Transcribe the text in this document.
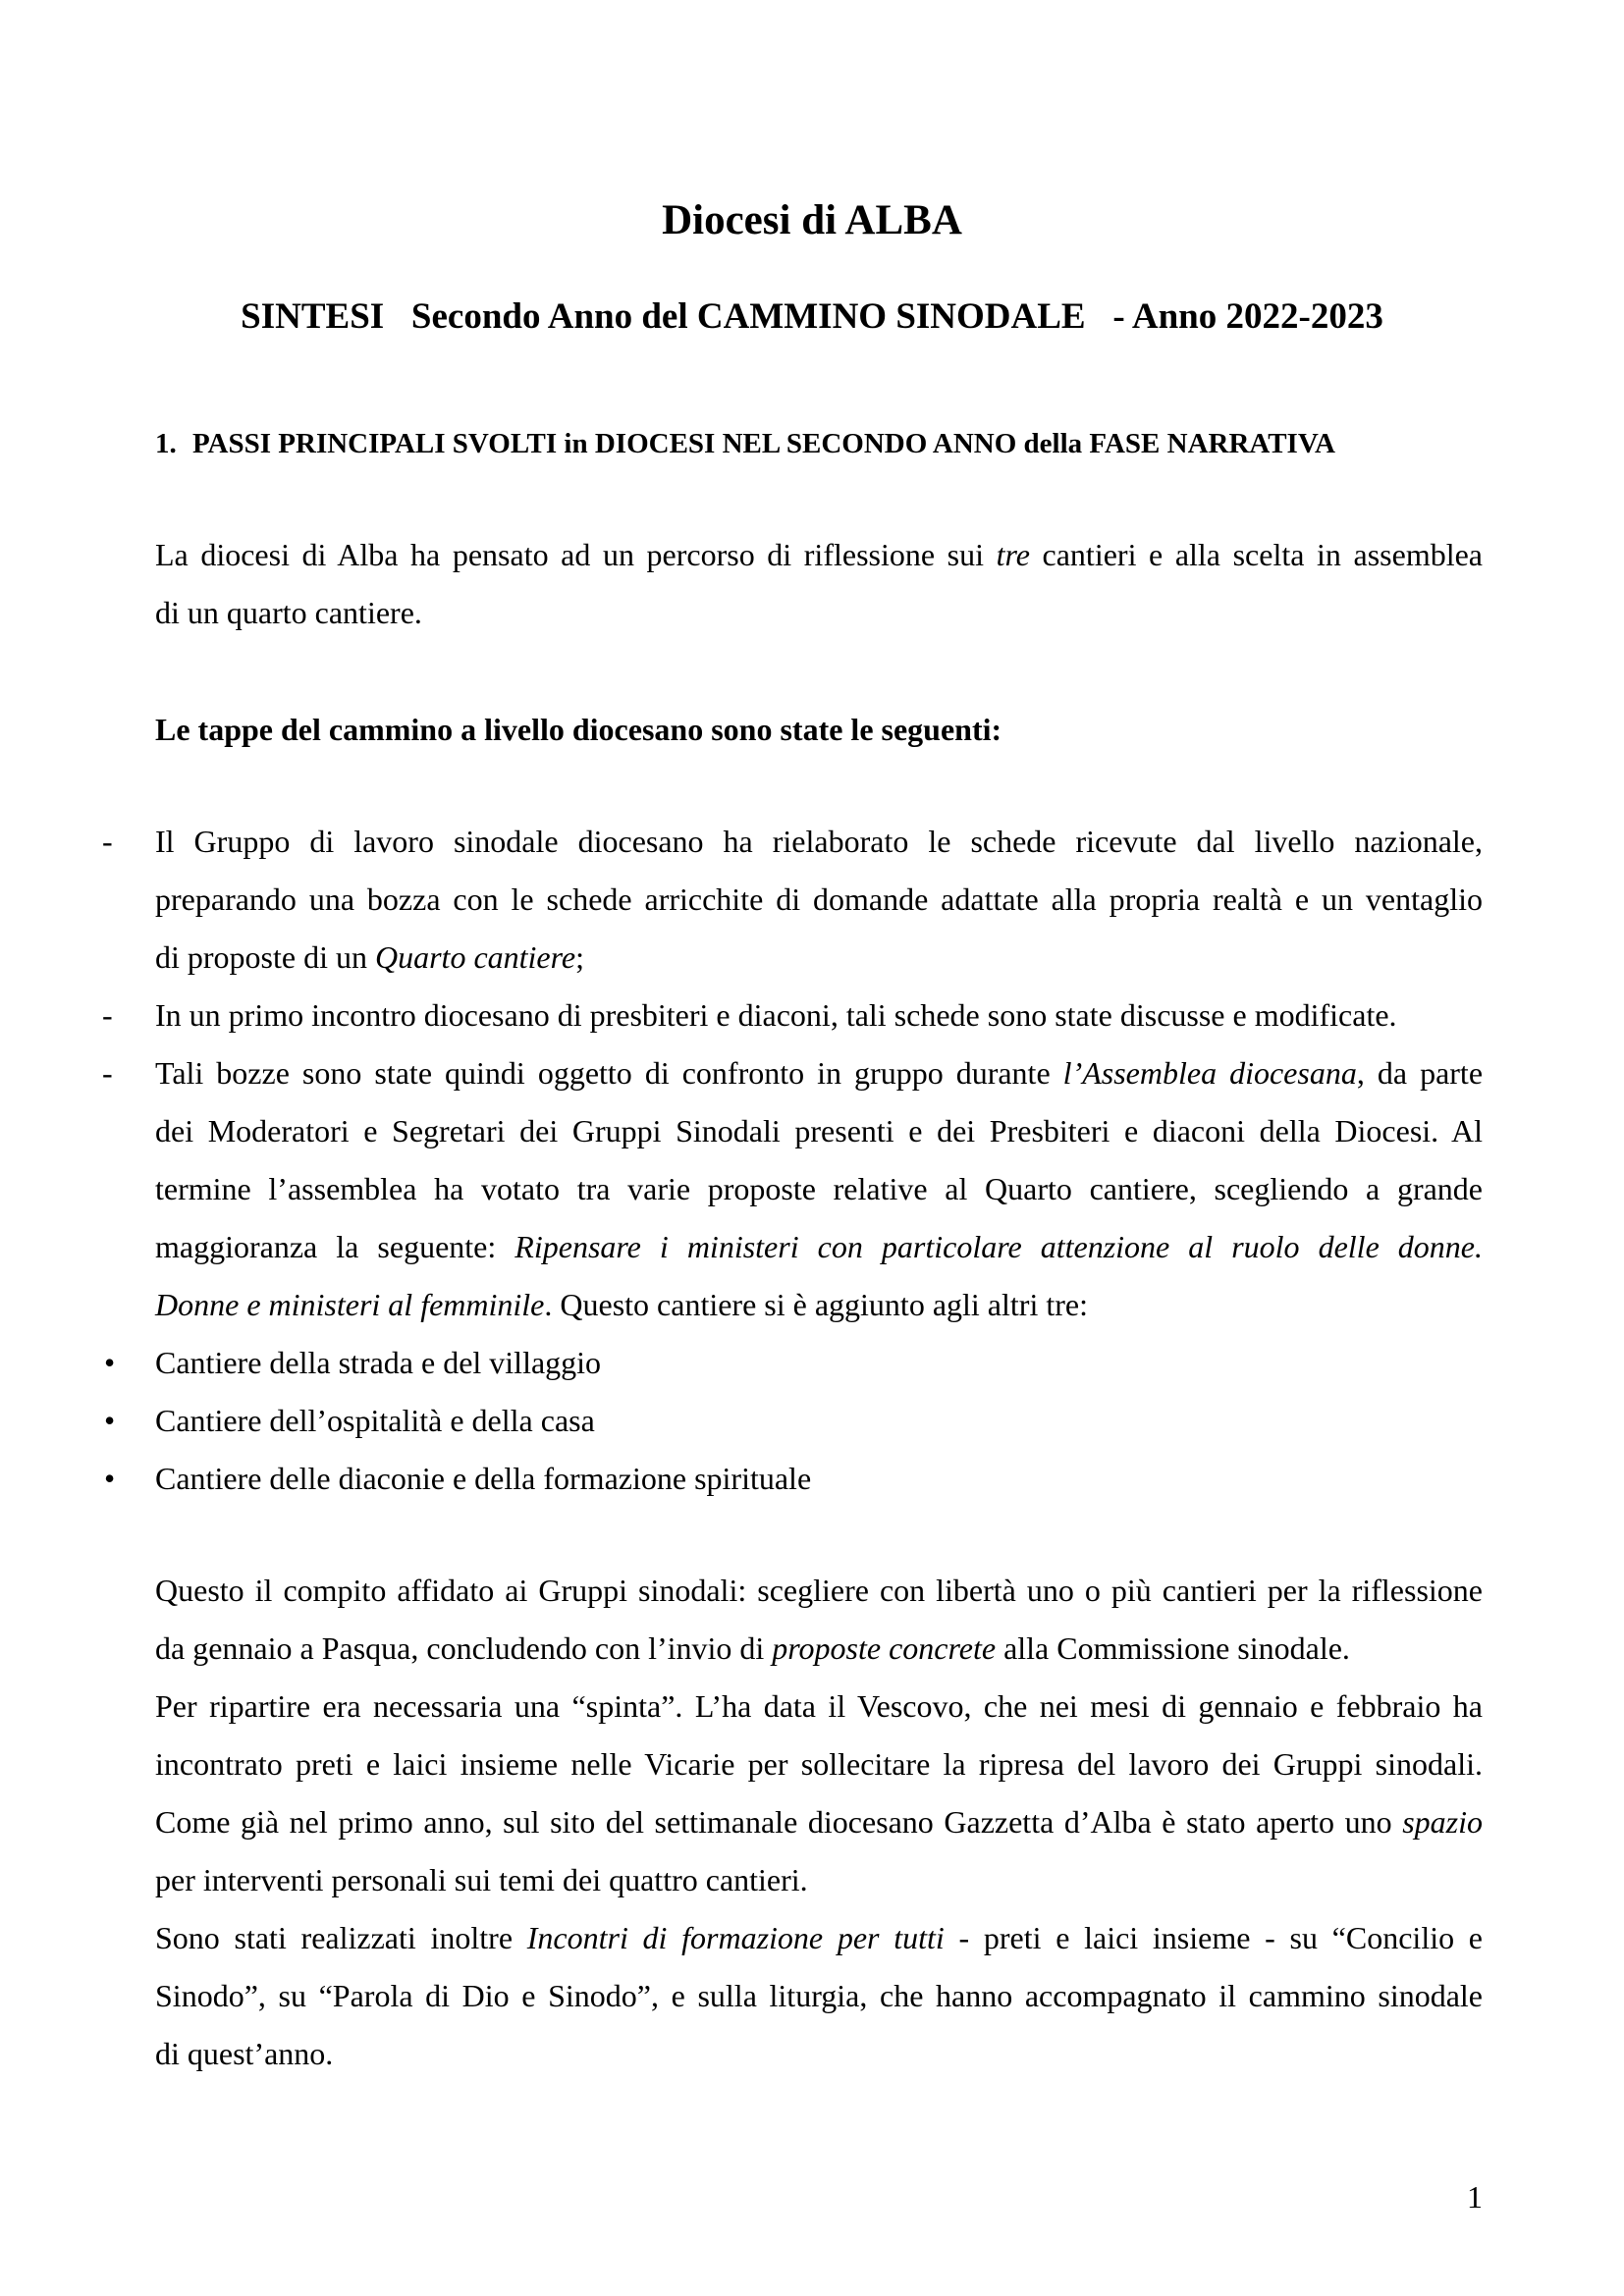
Diocesi di ALBA
SINTESI   Secondo Anno del CAMMINO SINODALE   - Anno 2022-2023
1. PASSI PRINCIPALI SVOLTI in DIOCESI NEL SECONDO ANNO della FASE NARRATIVA
La diocesi di Alba ha pensato ad un percorso di riflessione sui tre cantieri e alla scelta in assemblea
di un quarto cantiere.
Le tappe del cammino a livello diocesano sono state le seguenti:
- Il Gruppo di lavoro sinodale diocesano ha rielaborato le schede ricevute dal livello nazionale,
preparando una bozza con le schede arricchite di domande adattate alla propria realtà e un ventaglio
di proposte di un Quarto cantiere;
- In un primo incontro diocesano di presbiteri e diaconi, tali schede sono state discusse e modificate.
- Tali bozze sono state quindi oggetto di confronto in gruppo durante l’Assemblea diocesana, da parte
dei Moderatori e Segretari dei Gruppi Sinodali presenti e dei Presbiteri e diaconi della Diocesi. Al
termine l’assemblea ha votato tra varie proposte relative al Quarto cantiere, scegliendo a grande
maggioranza la seguente: Ripensare i ministeri con particolare attenzione al ruolo delle donne.
Donne e ministeri al femminile. Questo cantiere si è aggiunto agli altri tre:
• Cantiere della strada e del villaggio
• Cantiere dell’ospitalità e della casa
• Cantiere delle diaconie e della formazione spirituale
Questo il compito affidato ai Gruppi sinodali: scegliere con libertà uno o più cantieri per la riflessione
da gennaio a Pasqua, concludendo con l’invio di proposte concrete alla Commissione sinodale.
Per ripartire era necessaria una “spinta”. L’ha data il Vescovo, che nei mesi di gennaio e febbraio ha
incontrato preti e laici insieme nelle Vicarie per sollecitare la ripresa del lavoro dei Gruppi sinodali.
Come già nel primo anno, sul sito del settimanale diocesano Gazzetta d’Alba è stato aperto uno spazio
per interventi personali sui temi dei quattro cantieri.
Sono stati realizzati inoltre Incontri di formazione per tutti - preti e laici insieme - su “Concilio e
Sinodo”, su “Parola di Dio e Sinodo”, e sulla liturgia, che hanno accompagnato il cammino sinodale
di quest’anno.
1
